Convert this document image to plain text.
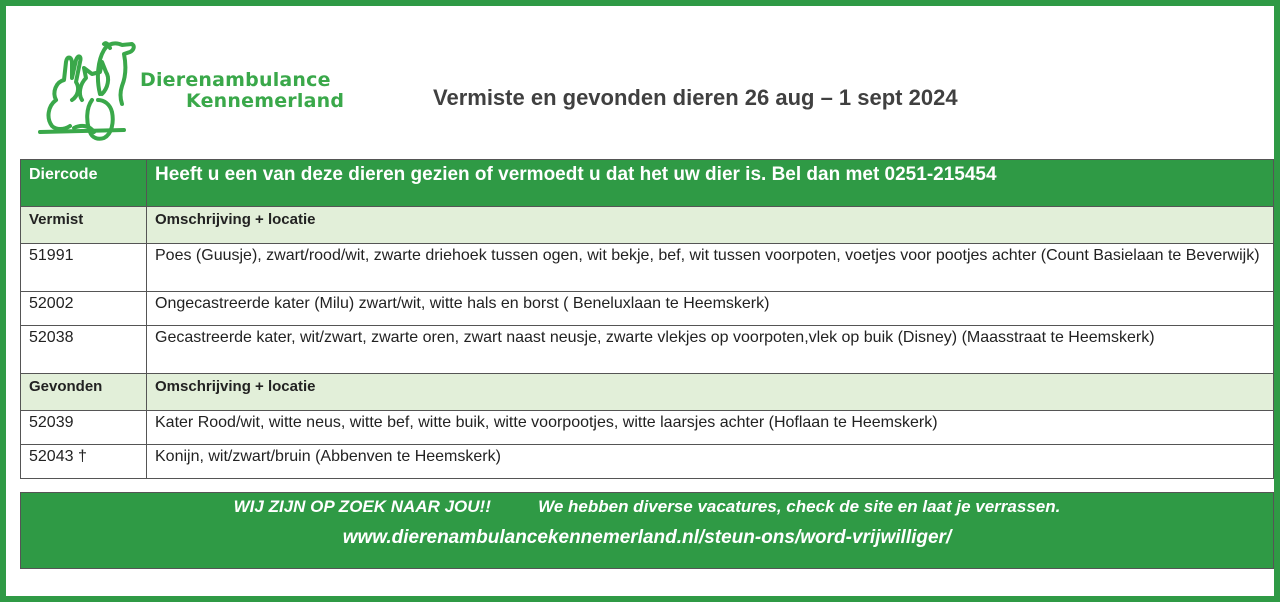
Dierenambulance
Kennemerland	Vermiste en gevonden dieren 26 aug – 1 sept 2024
Diercode	Heeft u een van deze dieren gezien of vermoedt u dat het uw dier is. Bel dan met 0251-215454
Vermist	Omschrijving + locatie
51991	Poes (Guusje), zwart/rood/wit, zwarte driehoek tussen ogen, wit bekje, bef, wit tussen voorpoten, voetjes voor pootjes achter (Count Basielaan te Beverwijk)
52002	Ongecastreerde kater (Milu) zwart/wit, witte hals en borst ( Beneluxlaan te Heemskerk)
52038	Gecastreerde kater, wit/zwart, zwarte oren, zwart naast neusje, zwarte vlekjes op voorpoten,vlek op buik (Disney) (Maasstraat te Heemskerk)
Gevonden	Omschrijving + locatie
52039	Kater Rood/wit, witte neus, witte bef, witte buik, witte voorpootjes, witte laarsjes achter (Hoflaan te Heemskerk)
52043 †	Konijn, wit/zwart/bruin (Abbenven te Heemskerk)
WIJ ZIJN OP ZOEK NAAR JOU!!	We hebben diverse vacatures, check de site en laat je verrassen.
www.dierenambulancekennemerland.nl/steun-ons/word-vrijwilliger/
